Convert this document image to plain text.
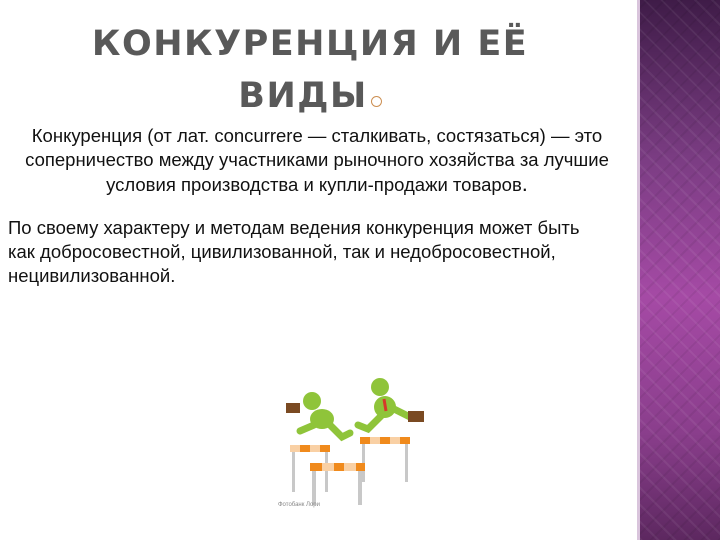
КОНКУРЕНЦИЯ И ЕЁ
ВИДЫ
Конкуренция (от лат. concurrere — сталкивать, состязаться) — это соперничество между участниками рыночного хозяйства за лучшие условия производства и купли-продажи товаров.
По своему характеру и методам ведения конкуренция может быть как добросовестной, цивилизованной, так и недобросовестной, нецивилизованной.
Фотобанк Лори
